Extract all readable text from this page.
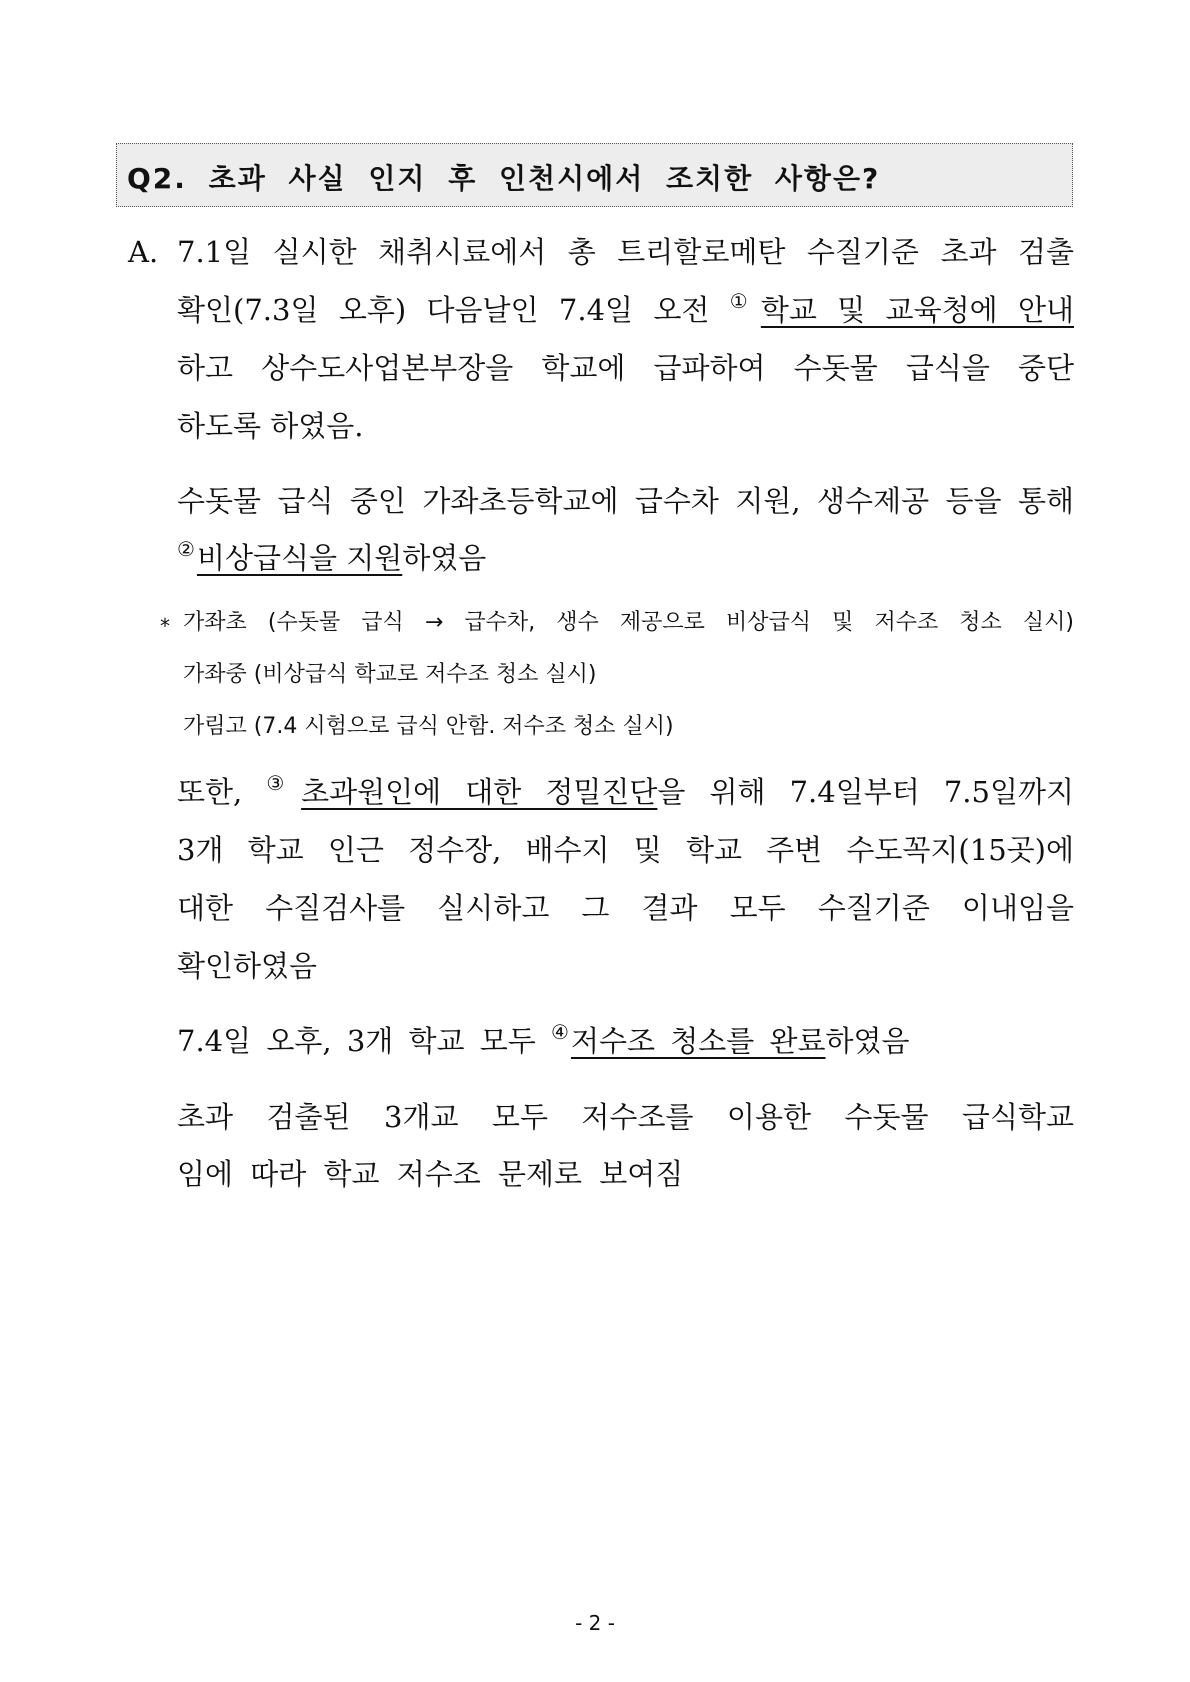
Q2. 초과 사실 인지 후 인천시에서 조치한 사항은?
A. 7.1일 실시한 채취시료에서 총 트리할로메탄 수질기준 초과 검출
확인(7.3일 오후) 다음날인 7.4일 오전 ①학교 및 교육청에 안내
하고 상수도사업본부장을 학교에 급파하여 수돗물 급식을 중단
하도록 하였음.
수돗물 급식 중인 가좌초등학교에 급수차 지원, 생수제공 등을 통해
②비상급식을 지원하였음
* 가좌초 (수돗물 급식 → 급수차, 생수 제공으로 비상급식 및 저수조 청소 실시)
가좌중 (비상급식 학교로 저수조 청소 실시)
가림고 (7.4 시험으로 급식 안함. 저수조 청소 실시)
또한, ③초과원인에 대한 정밀진단을 위해 7.4일부터 7.5일까지
3개 학교 인근 정수장, 배수지 및 학교 주변 수도꼭지(15곳)에
대한 수질검사를 실시하고 그 결과 모두 수질기준 이내임을
확인하였음
7.4일 오후, 3개 학교 모두 ④저수조 청소를 완료하였음
초과 검출된 3개교 모두 저수조를 이용한 수돗물 급식학교
임에 따라 학교 저수조 문제로 보여짐
- 2 -
